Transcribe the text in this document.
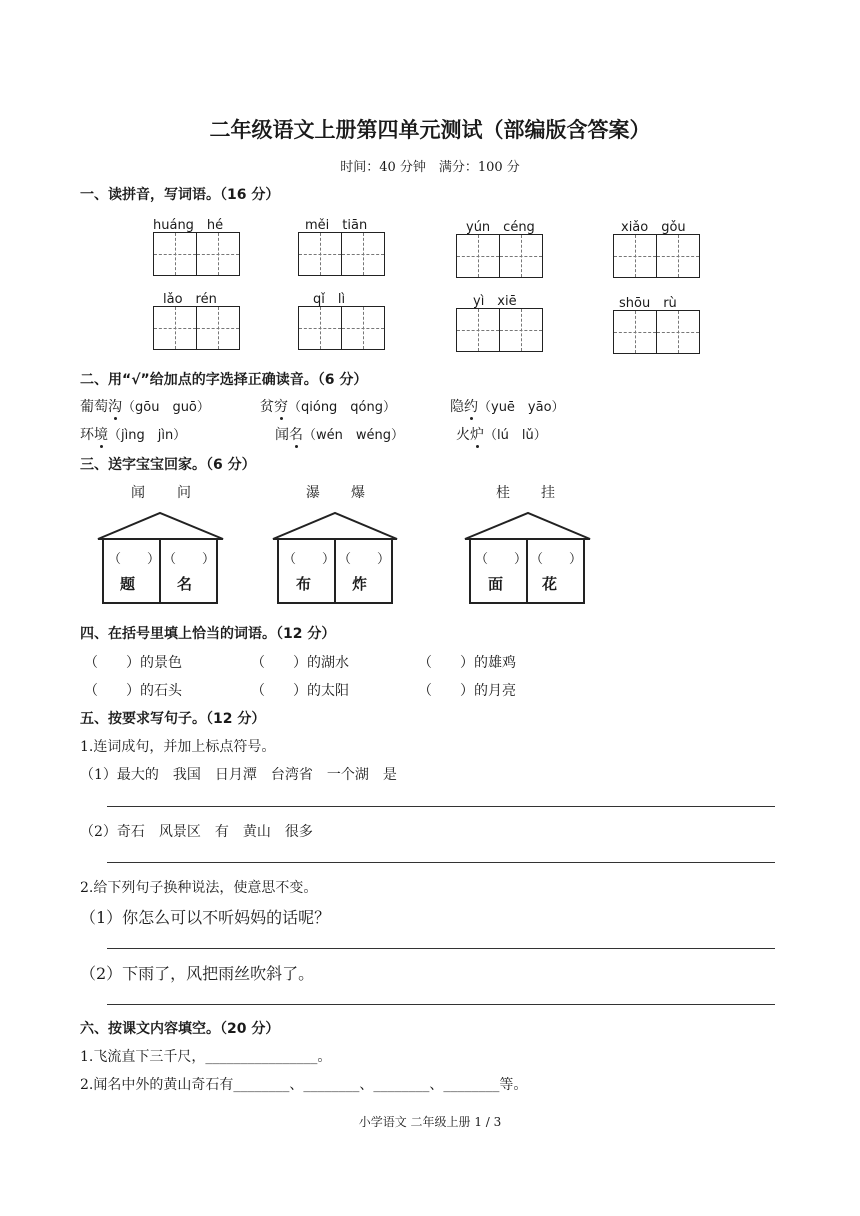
二年级语文上册第四单元测试（部编版含答案）
时间：40 分钟　满分：100 分
一、读拼音，写词语。（16 分）
huáng　hé	měi　tiān	yún　céng	xiǎo　gǒu
lǎo　rén	qǐ　lì	yì　xiē	shōu　rù
二、用“√”给加点的字选择正确读音。（6 分）
葡萄沟（gōu　guō）	贫穷（qióng　qóng）	隐约（yuē　yāo）
环境（jìng　jìn）	闻名（wén　wéng）	火炉（lú　lǔ）
三、送字宝宝回家。（6 分）
闻 问	瀑 爆	桂 挂
（　　） （　　）
题	名
（　　） （　　）
布	炸
（　　） （　　）
面	花
四、在括号里填上恰当的词语。（12 分）
（　　）的景色	（　　）的湖水	（　　）的雄鸡
（　　）的石头	（　　）的太阳	（　　）的月亮
五、按要求写句子。（12 分）
1.连词成句，并加上标点符号。
（1）最大的　我国　日月潭　台湾省　一个湖　是
（2）奇石　风景区　有　黄山　很多
2.给下列句子换种说法，使意思不变。
（1）你怎么可以不听妈妈的话呢？
（2）下雨了，风把雨丝吹斜了。
六、按课文内容填空。（20 分）
1.飞流直下三千尺，________________。
2.闻名中外的黄山奇石有________、________、________、________等。
小学语文 二年级上册 1 / 3
